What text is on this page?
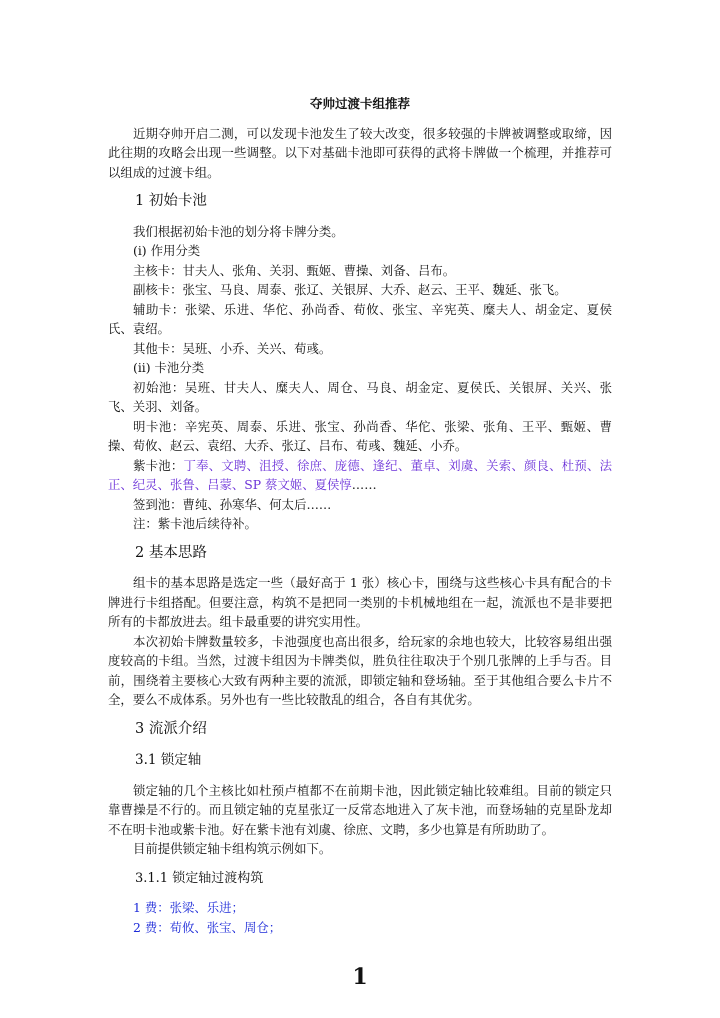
夺帅过渡卡组推荐

近期夺帅开启二测，可以发现卡池发生了较大改变，很多较强的卡牌被调整或取缔，因此往期的攻略会出现一些调整。以下对基础卡池即可获得的武将卡牌做一个梳理，并推荐可以组成的过渡卡组。

1 初始卡池

我们根据初始卡池的划分将卡牌分类。

(i) 作用分类

主核卡：甘夫人、张角、关羽、甄姬、曹操、刘备、吕布。

副核卡：张宝、马良、周泰、张辽、关银屏、大乔、赵云、王平、魏延、张飞。

辅助卡：张梁、乐进、华佗、孙尚香、荀攸、张宝、辛宪英、糜夫人、胡金定、夏侯氏、袁绍。

其他卡：吴班、小乔、关兴、荀彧。

(ii) 卡池分类

初始池：吴班、甘夫人、糜夫人、周仓、马良、胡金定、夏侯氏、关银屏、关兴、张飞、关羽、刘备。

明卡池：辛宪英、周泰、乐进、张宝、孙尚香、华佗、张梁、张角、王平、甄姬、曹操、荀攸、赵云、袁绍、大乔、张辽、吕布、荀彧、魏延、小乔。

紫卡池：丁奉、文聘、沮授、徐庶、庞德、逢纪、董卓、刘虞、关索、颜良、杜预、法正、纪灵、张鲁、吕蒙、SP 蔡文姬、夏侯惇……

签到池：曹纯、孙寒华、何太后……

注：紫卡池后续待补。

2 基本思路

组卡的基本思路是选定一些（最好高于 1 张）核心卡，围绕与这些核心卡具有配合的卡牌进行卡组搭配。但要注意，构筑不是把同一类别的卡机械地组在一起，流派也不是非要把所有的卡都放进去。组卡最重要的讲究实用性。

本次初始卡牌数量较多，卡池强度也高出很多，给玩家的余地也较大，比较容易组出强度较高的卡组。当然，过渡卡组因为卡牌类似，胜负往往取决于个别几张牌的上手与否。目前，围绕着主要核心大致有两种主要的流派，即锁定轴和登场轴。至于其他组合要么卡片不全，要么不成体系。另外也有一些比较散乱的组合，各自有其优劣。

3 流派介绍

3.1 锁定轴

锁定轴的几个主核比如杜预卢植都不在前期卡池，因此锁定轴比较难组。目前的锁定只靠曹操是不行的。而且锁定轴的克星张辽一反常态地进入了灰卡池，而登场轴的克星卧龙却不在明卡池或紫卡池。好在紫卡池有刘虞、徐庶、文聘，多少也算是有所助助了。

目前提供锁定轴卡组构筑示例如下。

3.1.1 锁定轴过渡构筑

1 费：张梁、乐进；

2 费：荀攸、张宝、周仓；

1
